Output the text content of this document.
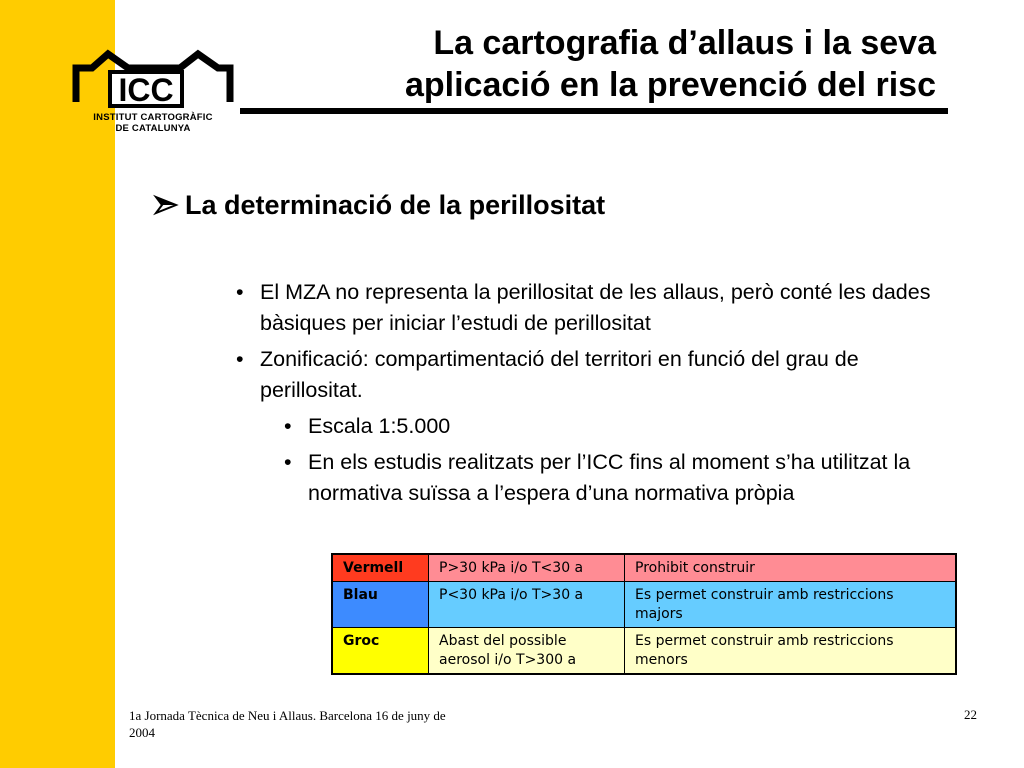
ICC
INSTITUT CARTOGRÀFIC
DE CATALUNYA
La cartografia d’allaus i la seva
aplicació en la prevenció del risc
La determinació de la perillositat
• El MZA no representa la perillositat de les allaus, però conté les dades bàsiques per iniciar l’estudi de perillositat
• Zonificació: compartimentació del territori en funció del grau de perillositat.
• Escala 1:5.000
• En els estudis realitzats per l’ICC fins al moment s’ha utilitzat la normativa suïssa a l’espera d’una normativa pròpia
Vermell	P>30 kPa i/o T<30 a	Prohibit construir
Blau	P<30 kPa i/o T>30 a	Es permet construir amb restriccions majors
Groc	Abast del possible aerosol i/o T>300 a	Es permet construir amb restriccions menors
1a Jornada Tècnica de Neu i Allaus. Barcelona 16 de juny de 2004
22
